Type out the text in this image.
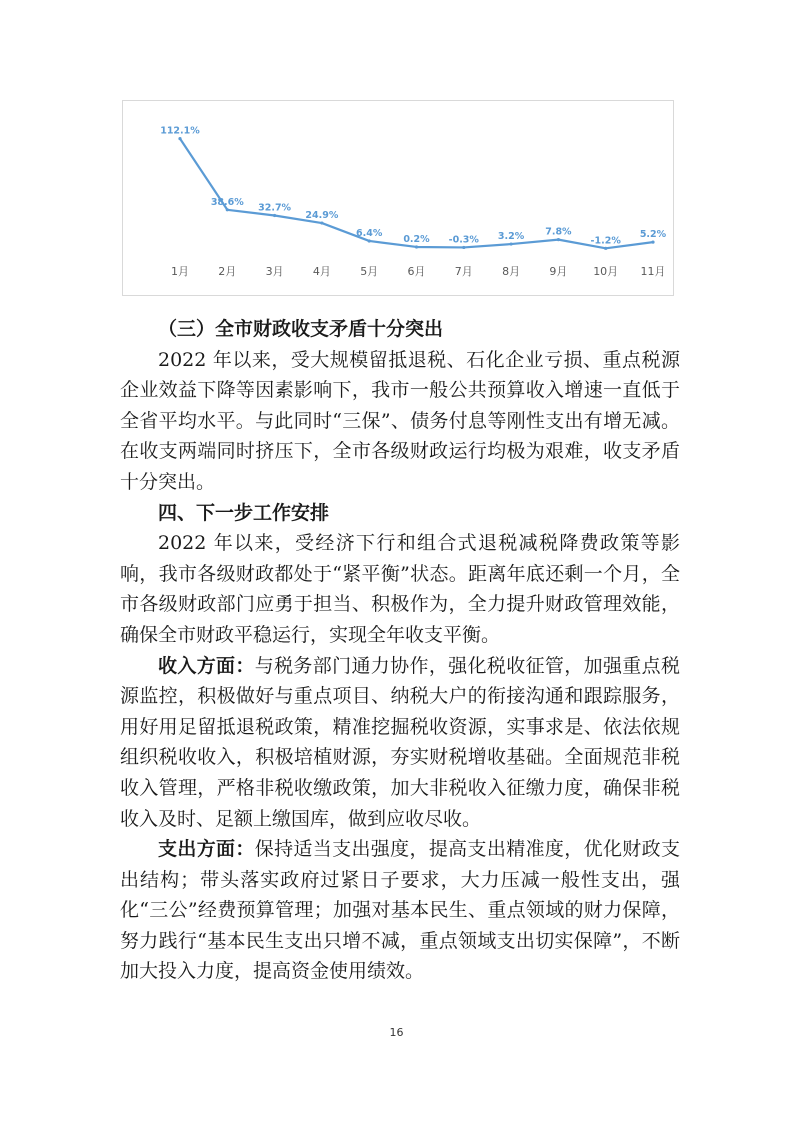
112.1%
1月
38.6%
2月
32.7%
3月
24.9%
4月
6.4%
5月
0.2%
6月
-0.3%
7月
3.2%
8月
7.8%
9月
-1.2%
10月
5.2%
11月

（三）全市财政收支矛盾十分突出

2022 年以来，受大规模留抵退税、石化企业亏损、重点税源企业效益下降等因素影响下，我市一般公共预算收入增速一直低于全省平均水平。与此同时“三保”、债务付息等刚性支出有增无减。在收支两端同时挤压下，全市各级财政运行均极为艰难，收支矛盾十分突出。

四、下一步工作安排

2022 年以来，受经济下行和组合式退税减税降费政策等影响，我市各级财政都处于“紧平衡”状态。距离年底还剩一个月，全市各级财政部门应勇于担当、积极作为，全力提升财政管理效能，确保全市财政平稳运行，实现全年收支平衡。

收入方面：与税务部门通力协作，强化税收征管，加强重点税源监控，积极做好与重点项目、纳税大户的衔接沟通和跟踪服务，用好用足留抵退税政策，精准挖掘税收资源，实事求是、依法依规组织税收收入，积极培植财源，夯实财税增收基础。全面规范非税收入管理，严格非税收缴政策，加大非税收入征缴力度，确保非税收入及时、足额上缴国库，做到应收尽收。

支出方面：保持适当支出强度，提高支出精准度，优化财政支出结构；带头落实政府过紧日子要求，大力压减一般性支出，强化“三公”经费预算管理；加强对基本民生、重点领域的财力保障，努力践行“基本民生支出只增不减，重点领域支出切实保障”，不断加大投入力度，提高资金使用绩效。

16
